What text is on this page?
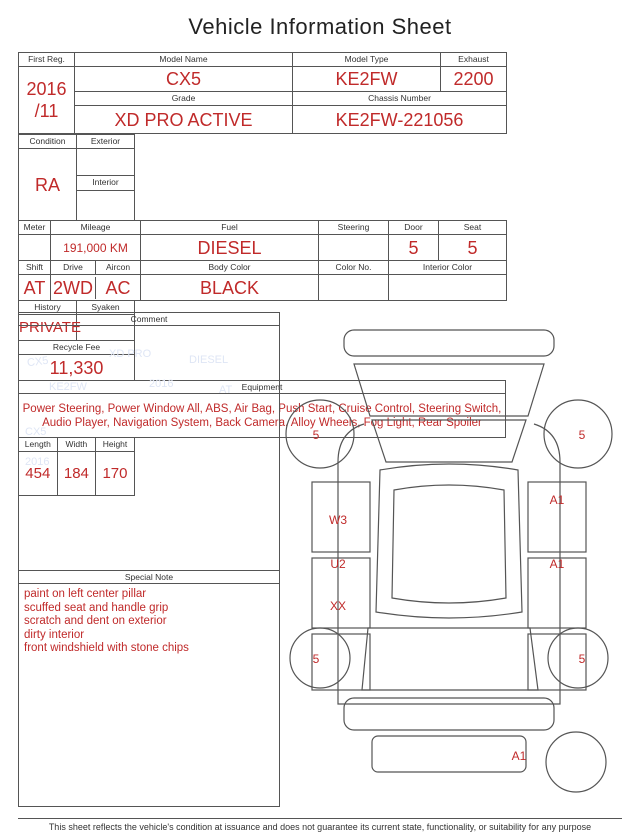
Vehicle Information Sheet
First Reg.	Model Name	Model Type	Exhaust

2016
/11	CX5	KE2FW	2200
	Grade	Chassis Number	
	XD PRO ACTIVE	KE2FW-221056	
Condition	Exterior
RA	
	Interior

Meter	Mileage	Fuel	Steering	Door	Seat
	191,000 KM	DIESEL		5	5
Shift	Drive	Aircon
		Body Color	Color No.	Interior Color
AT	2WD	AC
		BLACK		
History	Syaken
PRIVATE	
Recycle Fee	
11,330	
Equipment
Power Steering, Power Window All, ABS, Air Bag, Push Start, Cruise Control, Steering Switch, Audio Player, Navigation System, Back Camera, Alloy Wheels, Fog Light, Rear Spoiler
Length	Width	Height
454	184	170
Comment
CX5
XD PRO	DIESEL
KE2FW	2016	AT
CX5
2016
Special Note
paint on left center pillar
scuffed seat and handle grip
scratch and dent on exterior
dirty interior
front windshield with stone chips
5	5
5	5
A1
A1
W3
U2
XX
A1
This sheet reflects the vehicle's condition at issuance and does not guarantee its current state, functionality, or suitability for any purpose
